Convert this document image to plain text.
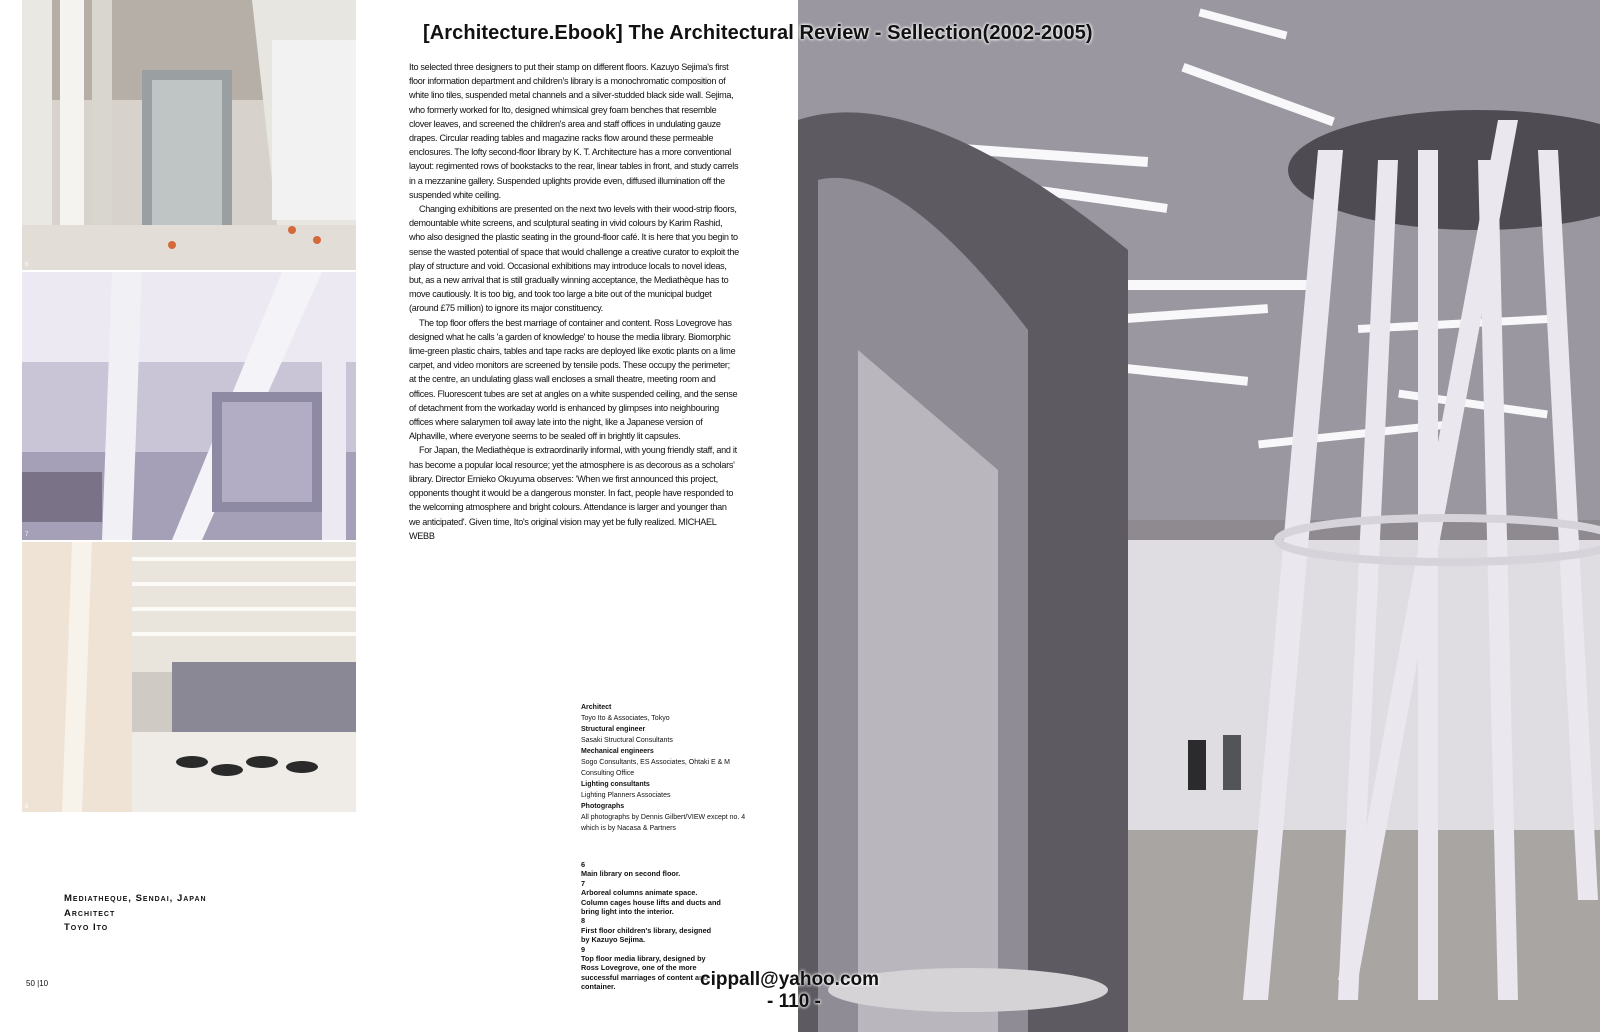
[Architecture.Ebook] The Architectural Review - Sellection(2002-2005)
6
7
8

Ito selected three designers to put their stamp on different floors. Kazuyo Sejima's first floor information department and children's library is a monochromatic composition of white lino tiles, suspended metal channels and a silver-studded black side wall. Sejima, who formerly worked for Ito, designed whimsical grey foam benches that resemble clover leaves, and screened the children's area and staff offices in undulating gauze drapes. Circular reading tables and magazine racks flow around these permeable enclosures. The lofty second-floor library by K. T. Architecture has a more conventional layout: regimented rows of bookstacks to the rear, linear tables in front, and study carrels in a mezzanine gallery. Suspended uplights provide even, diffused illumination off the suspended white ceiling.

Changing exhibitions are presented on the next two levels with their wood-strip floors, demountable white screens, and sculptural seating in vivid colours by Karim Rashid, who also designed the plastic seating in the ground-floor café. It is here that you begin to sense the wasted potential of space that would challenge a creative curator to exploit the play of structure and void. Occasional exhibitions may introduce locals to novel ideas, but, as a new arrival that is still gradually winning acceptance, the Mediathèque has to move cautiously. It is too big, and took too large a bite out of the municipal budget (around £75 million) to ignore its major constituency.

The top floor offers the best marriage of container and content. Ross Lovegrove has designed what he calls 'a garden of knowledge' to house the media library. Biomorphic lime-green plastic chairs, tables and tape racks are deployed like exotic plants on a lime carpet, and video monitors are screened by tensile pods. These occupy the perimeter; at the centre, an undulating glass wall encloses a small theatre, meeting room and offices. Fluorescent tubes are set at angles on a white suspended ceiling, and the sense of detachment from the workaday world is enhanced by glimpses into neighbouring offices where salarymen toil away late into the night, like a Japanese version of Alphaville, where everyone seems to be sealed off in brightly lit capsules.

For Japan, the Mediathèque is extraordinarily informal, with young friendly staff, and it has become a popular local resource; yet the atmosphere is as decorous as a scholars' library. Director Emieko Okuyuma observes: 'When we first announced this project, opponents thought it would be a dangerous monster. In fact, people have responded to the welcoming atmosphere and bright colours. Attendance is larger and younger than we anticipated'. Given time, Ito's original vision may yet be fully realized. MICHAEL WEBB

Architect
Toyo Ito & Associates, Tokyo
Structural engineer
Sasaki Structural Consultants
Mechanical engineers
Sogo Consultants, ES Associates, Ohtaki E & M Consulting Office
Lighting consultants
Lighting Planners Associates
Photographs
All photographs by Dennis Gilbert/VIEW except no. 4 which is by Nacasa & Partners
6
Main library on second floor.
7
Arboreal columns animate space. Column cages house lifts and ducts and bring light into the interior.
8
First floor children's library, designed by Kazuyo Sejima.
9
Top floor media library, designed by Ross Lovegrove, one of the more successful marriages of content and container.
Mediatheque, Sendai, Japan
Architect
Toyo Ito
50 |10	cippall@yahoo.com
- 110 -
